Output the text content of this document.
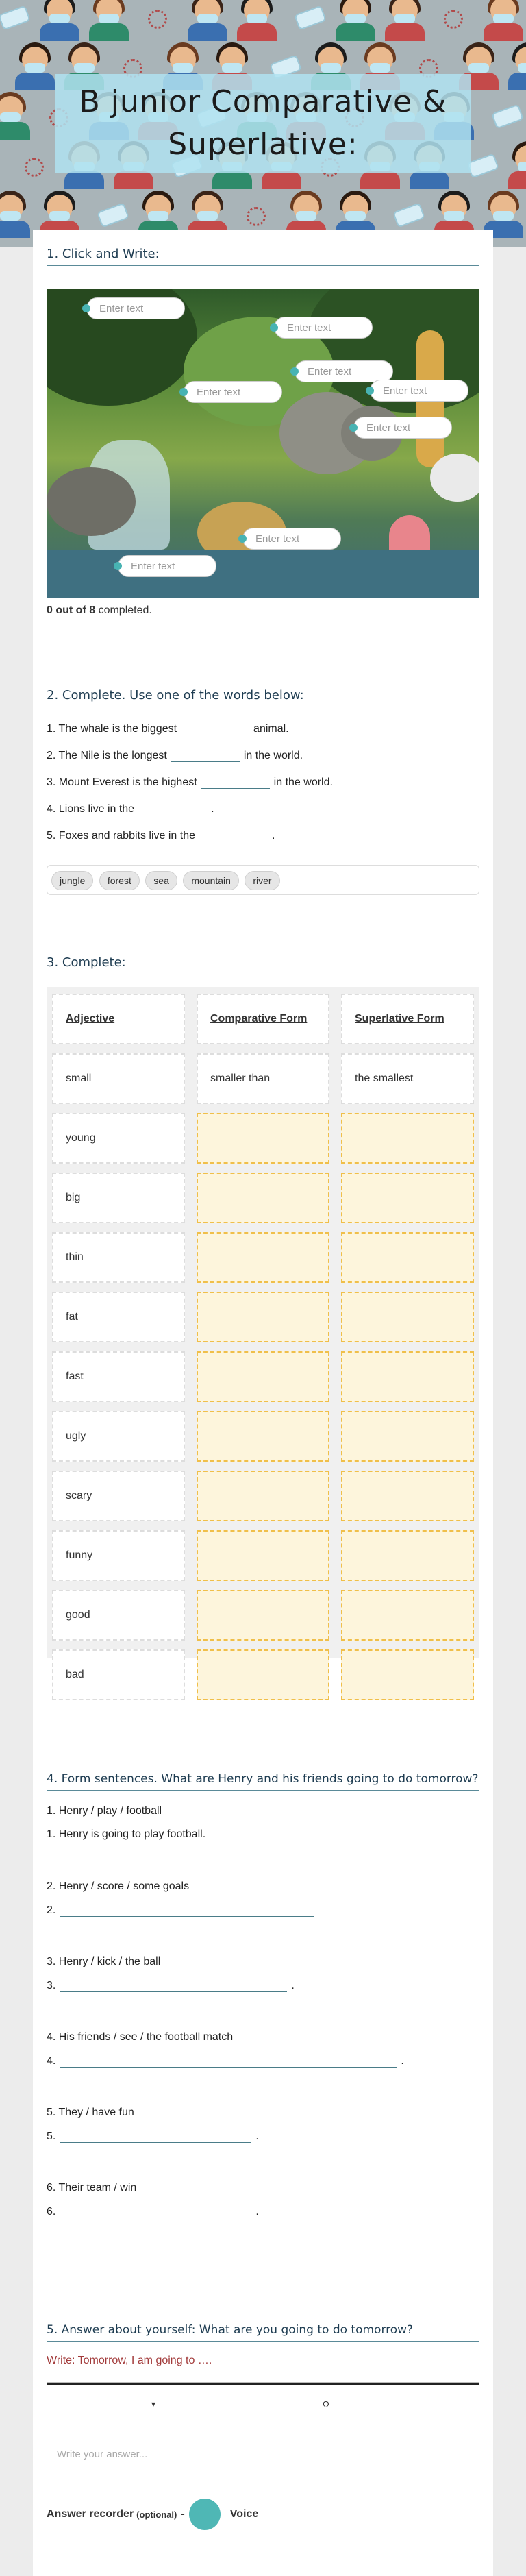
B junior Comparative & Superlative:
1. Click and Write:
Enter text
Enter text
Enter text
Enter text	Enter text
Enter text
Enter text
Enter text
0 out of 8 completed.
2. Complete. Use one of the words below:
1. The whale is the biggest	animal.
2. The Nile is the longest	in the world.
3. Mount Everest is the highest	in the world.
4. Lions live in the	.
5. Foxes and rabbits live in the	.
jungle forest sea mountain river
3. Complete:
Adjective	Comparative Form	Superlative Form
small	smaller than	the smallest
young
big
thin
fat
fast
ugly
scary
funny
good
bad
4. Form sentences. What are Henry and his friends going to do tomorrow?
1. Henry / play / football
1. Henry is going to play football.
2. Henry / score / some goals
2.
3. Henry / kick / the ball
3.	.
4. His friends / see / the football match
4.	.
5. They / have fun
5.	.
6. Their team / win
6.	.
5. Answer about yourself: What are you going to do tomorrow?
Write: Tomorrow, I am going to ….
▾	Ω
Write your answer...
Answer recorder (optional) -	Voice
